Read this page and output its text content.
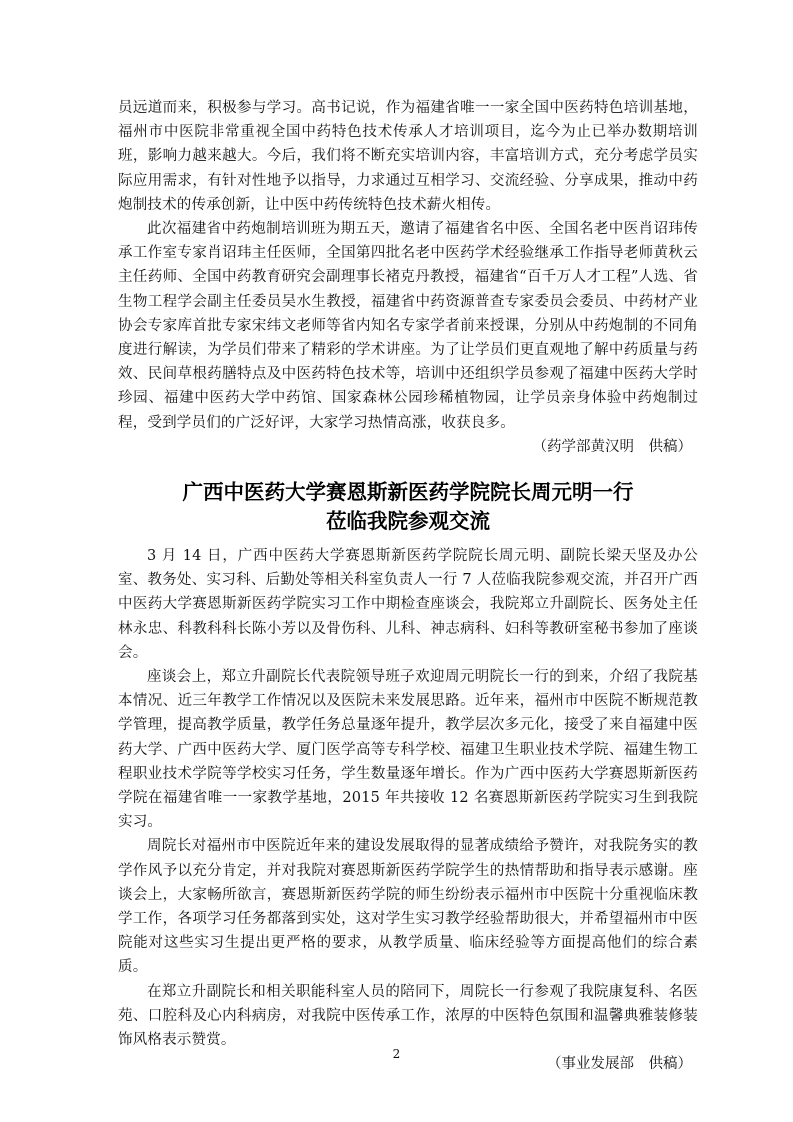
员远道而来，积极参与学习。高书记说，作为福建省唯一一家全国中医药特色培训基地，福州市中医院非常重视全国中药特色技术传承人才培训项目，迄今为止已举办数期培训班，影响力越来越大。今后，我们将不断充实培训内容，丰富培训方式，充分考虑学员实际应用需求，有针对性地予以指导，力求通过互相学习、交流经验、分享成果，推动中药炮制技术的传承创新，让中医中药传统特色技术薪火相传。

此次福建省中药炮制培训班为期五天，邀请了福建省名中医、全国名老中医肖诏玮传承工作室专家肖诏玮主任医师，全国第四批名老中医药学术经验继承工作指导老师黄秋云主任药师、全国中药教育研究会副理事长褚克丹教授，福建省“百千万人才工程”人选、省生物工程学会副主任委员吴水生教授，福建省中药资源普查专家委员会委员、中药材产业协会专家库首批专家宋纬文老师等省内知名专家学者前来授课，分别从中药炮制的不同角度进行解读，为学员们带来了精彩的学术讲座。为了让学员们更直观地了解中药质量与药效、民间草根药膳特点及中医药特色技术等，培训中还组织学员参观了福建中医药大学时珍园、福建中医药大学中药馆、国家森林公园珍稀植物园，让学员亲身体验中药炮制过程，受到学员们的广泛好评，大家学习热情高涨，收获良多。

（药学部黄汉明　供稿）

广西中医药大学赛恩斯新医药学院院长周元明一行
莅临我院参观交流

3 月 14 日，广西中医药大学赛恩斯新医药学院院长周元明、副院长梁天坚及办公室、教务处、实习科、后勤处等相关科室负责人一行 7 人莅临我院参观交流，并召开广西中医药大学赛恩斯新医药学院实习工作中期检查座谈会，我院郑立升副院长、医务处主任林永忠、科教科科长陈小芳以及骨伤科、儿科、神志病科、妇科等教研室秘书参加了座谈会。

座谈会上，郑立升副院长代表院领导班子欢迎周元明院长一行的到来，介绍了我院基本情况、近三年教学工作情况以及医院未来发展思路。近年来，福州市中医院不断规范教学管理，提高教学质量，教学任务总量逐年提升，教学层次多元化，接受了来自福建中医药大学、广西中医药大学、厦门医学高等专科学校、福建卫生职业技术学院、福建生物工程职业技术学院等学校实习任务，学生数量逐年增长。作为广西中医药大学赛恩斯新医药学院在福建省唯一一家教学基地，2015 年共接收 12 名赛恩斯新医药学院实习生到我院实习。

周院长对福州市中医院近年来的建设发展取得的显著成绩给予赞许，对我院务实的教学作风予以充分肯定，并对我院对赛恩斯新医药学院学生的热情帮助和指导表示感谢。座谈会上，大家畅所欲言，赛恩斯新医药学院的师生纷纷表示福州市中医院十分重视临床教学工作，各项学习任务都落到实处，这对学生实习教学经验帮助很大，并希望福州市中医院能对这些实习生提出更严格的要求，从教学质量、临床经验等方面提高他们的综合素质。

在郑立升副院长和相关职能科室人员的陪同下，周院长一行参观了我院康复科、名医苑、口腔科及心内科病房，对我院中医传承工作，浓厚的中医特色氛围和温馨典雅装修装饰风格表示赞赏。

（事业发展部　供稿）

2
